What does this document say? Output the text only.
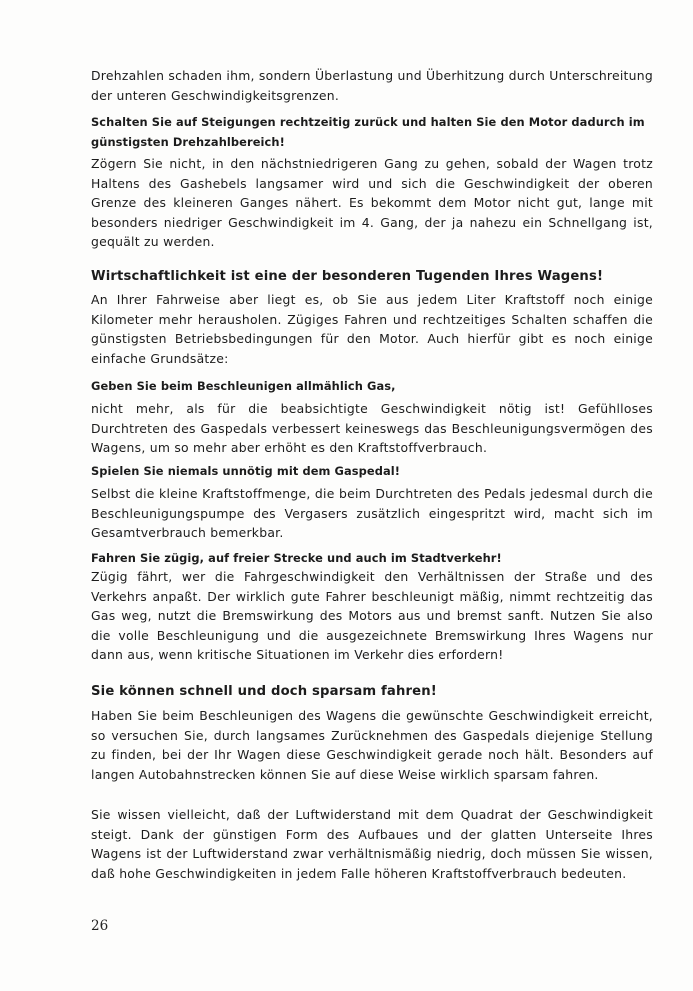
Drehzahlen schaden ihm, sondern Überlastung und Überhitzung durch Unterschreitung der unteren Geschwindigkeitsgrenzen.

Schalten Sie auf Steigungen rechtzeitig zurück und halten Sie den Motor dadurch im günstigsten Drehzahlbereich!

Zögern Sie nicht, in den nächstniedrigeren Gang zu gehen, sobald der Wagen trotz Haltens des Gashebels langsamer wird und sich die Geschwindigkeit der oberen Grenze des kleineren Ganges nähert. Es bekommt dem Motor nicht gut, lange mit besonders niedriger Geschwindigkeit im 4. Gang, der ja nahezu ein Schnellgang ist, gequält zu werden.

Wirtschaftlichkeit ist eine der besonderen Tugenden Ihres Wagens!

An Ihrer Fahrweise aber liegt es, ob Sie aus jedem Liter Kraftstoff noch einige Kilometer mehr herausholen. Zügiges Fahren und rechtzeitiges Schalten schaffen die günstigsten Betriebsbedingungen für den Motor. Auch hierfür gibt es noch einige einfache Grundsätze:

Geben Sie beim Beschleunigen allmählich Gas,

nicht mehr, als für die beabsichtigte Geschwindigkeit nötig ist! Gefühlloses Durchtreten des Gaspedals verbessert keineswegs das Beschleunigungsvermögen des Wagens, um so mehr aber erhöht es den Kraftstoffverbrauch.

Spielen Sie niemals unnötig mit dem Gaspedal!

Selbst die kleine Kraftstoffmenge, die beim Durchtreten des Pedals jedesmal durch die Beschleunigungspumpe des Vergasers zusätzlich eingespritzt wird, macht sich im Gesamtverbrauch bemerkbar.

Fahren Sie zügig, auf freier Strecke und auch im Stadtverkehr!

Zügig fährt, wer die Fahrgeschwindigkeit den Verhältnissen der Straße und des Verkehrs anpaßt. Der wirklich gute Fahrer beschleunigt mäßig, nimmt rechtzeitig das Gas weg, nutzt die Bremswirkung des Motors aus und bremst sanft. Nutzen Sie also die volle Beschleunigung und die ausgezeichnete Bremswirkung Ihres Wagens nur dann aus, wenn kritische Situationen im Verkehr dies erfordern!

Sie können schnell und doch sparsam fahren!

Haben Sie beim Beschleunigen des Wagens die gewünschte Geschwindigkeit erreicht, so versuchen Sie, durch langsames Zurücknehmen des Gaspedals diejenige Stellung zu finden, bei der Ihr Wagen diese Geschwindigkeit gerade noch hält. Besonders auf langen Autobahnstrecken können Sie auf diese Weise wirklich sparsam fahren.

Sie wissen vielleicht, daß der Luftwiderstand mit dem Quadrat der Geschwindigkeit steigt. Dank der günstigen Form des Aufbaues und der glatten Unterseite Ihres Wagens ist der Luftwiderstand zwar verhältnismäßig niedrig, doch müssen Sie wissen, daß hohe Geschwindigkeiten in jedem Falle höheren Kraftstoffverbrauch bedeuten.

26
